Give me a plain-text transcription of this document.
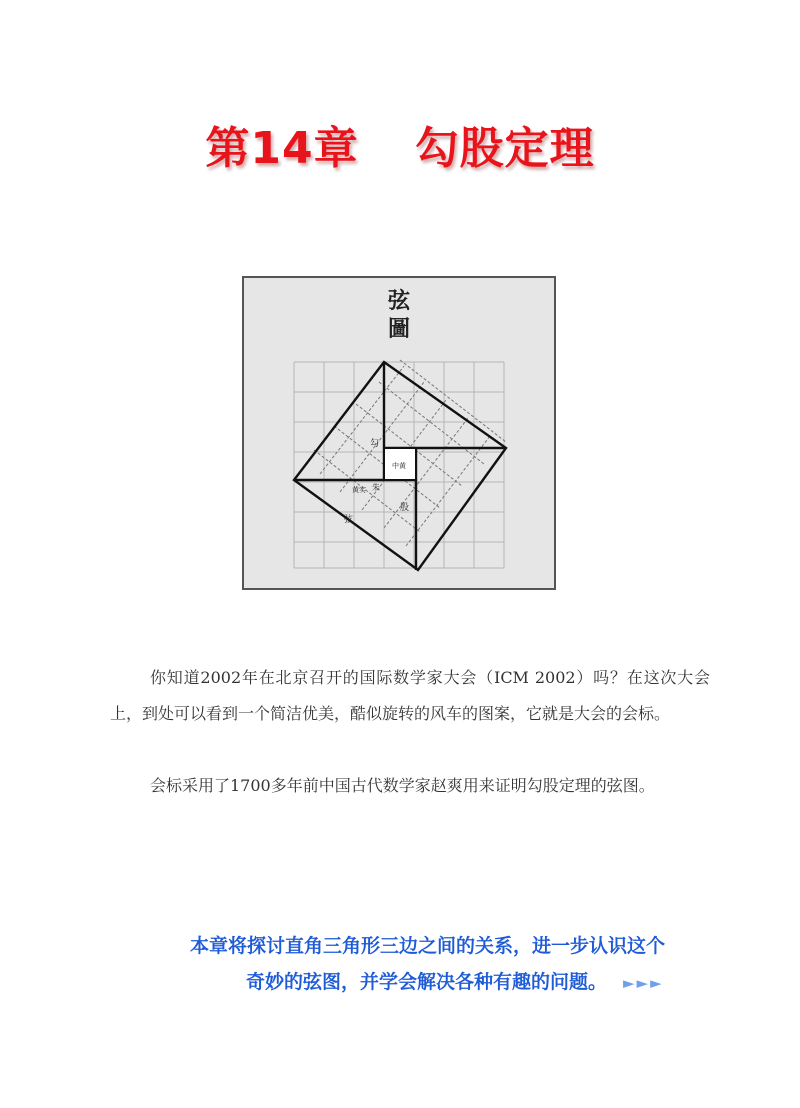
第14章 勾股定理
弦
圖
勾
股
弦
中黄
朱
黄实
你知道2002年在北京召开的国际数学家大会（ICM 2002）吗？在这次大会上，到处可以看到一个简洁优美，酷似旋转的风车的图案，它就是大会的会标。
会标采用了1700多年前中国古代数学家赵爽用来证明勾股定理的弦图。
本章将探讨直角三角形三边之间的关系，进一步认识这个
奇妙的弦图，并学会解决各种有趣的问题。 ►►►
